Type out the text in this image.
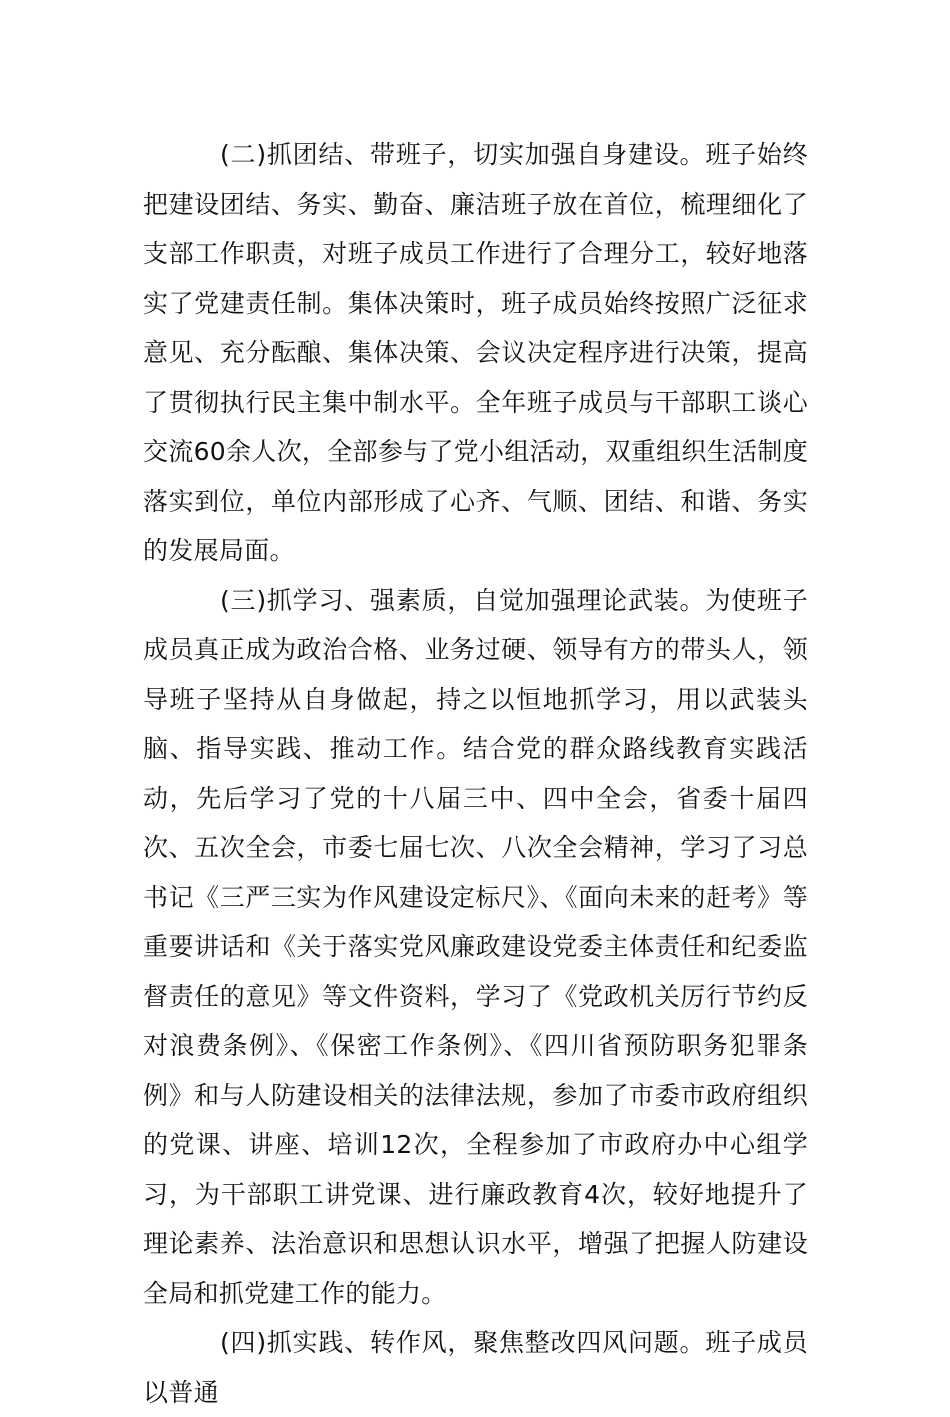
(二)抓团结、带班子，切实加强自身建设。班子始终把建设团结、务实、勤奋、廉洁班子放在首位，梳理细化了支部工作职责，对班子成员工作进行了合理分工，较好地落实了党建责任制。集体决策时，班子成员始终按照广泛征求意见、充分酝酿、集体决策、会议决定程序进行决策，提高了贯彻执行民主集中制水平。全年班子成员与干部职工谈心交流60余人次，全部参与了党小组活动，双重组织生活制度落实到位，单位内部形成了心齐、气顺、团结、和谐、务实的发展局面。

(三)抓学习、强素质，自觉加强理论武装。为使班子成员真正成为政治合格、业务过硬、领导有方的带头人，领导班子坚持从自身做起，持之以恒地抓学习，用以武装头脑、指导实践、推动工作。结合党的群众路线教育实践活动，先后学习了党的十八届三中、四中全会，省委十届四次、五次全会，市委七届七次、八次全会精神，学习了习总书记《三严三实为作风建设定标尺》、《面向未来的赶考》等重要讲话和《关于落实党风廉政建设党委主体责任和纪委监督责任的意见》等文件资料，学习了《党政机关厉行节约反对浪费条例》、《保密工作条例》、《四川省预防职务犯罪条例》和与人防建设相关的法律法规，参加了市委市政府组织的党课、讲座、培训12次，全程参加了市政府办中心组学习，为干部职工讲党课、进行廉政教育4次，较好地提升了理论素养、法治意识和思想认识水平，增强了把握人防建设全局和抓党建工作的能力。

(四)抓实践、转作风，聚焦整改四风问题。班子成员以普通
